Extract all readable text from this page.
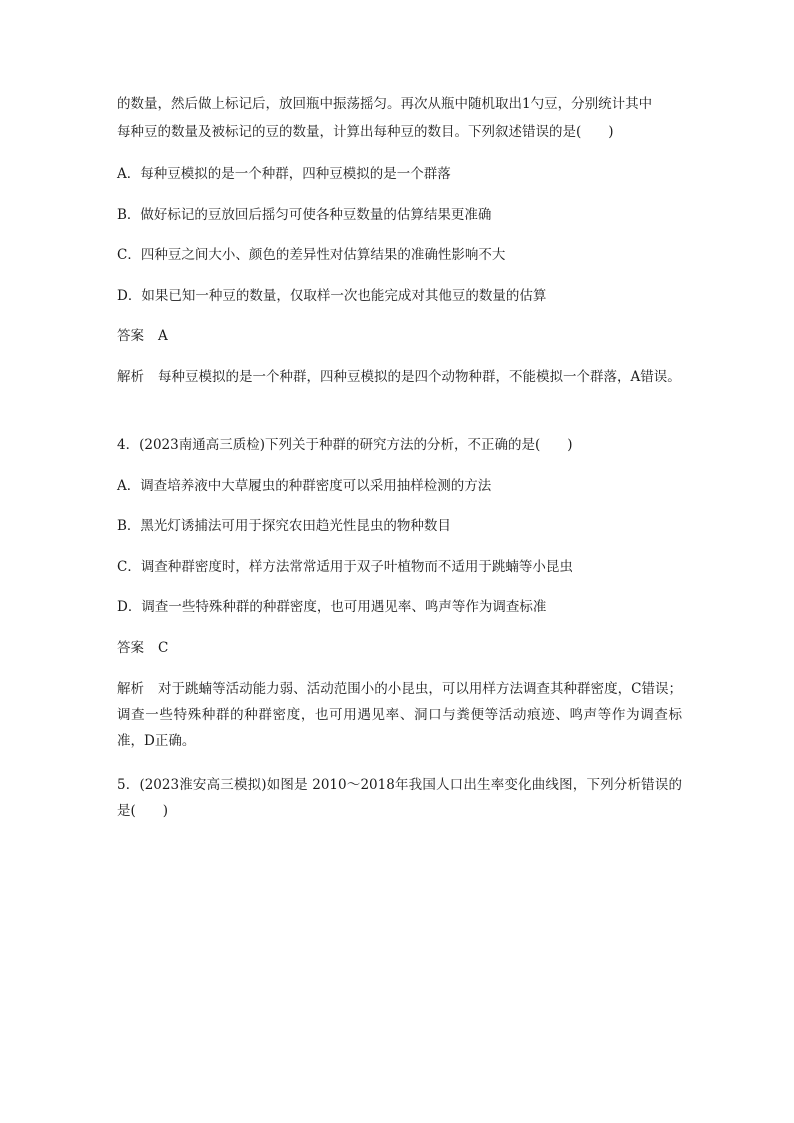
的数量，然后做上标记后，放回瓶中振荡摇匀。再次从瓶中随机取出1勺豆，分别统计其中
每种豆的数量及被标记的豆的数量，计算出每种豆的数目。下列叙述错误的是(　　)
A．每种豆模拟的是一个种群，四种豆模拟的是一个群落
B．做好标记的豆放回后摇匀可使各种豆数量的估算结果更准确
C．四种豆之间大小、颜色的差异性对估算结果的准确性影响不大
D．如果已知一种豆的数量，仅取样一次也能完成对其他豆的数量的估算
答案 A
解析 每种豆模拟的是一个种群，四种豆模拟的是四个动物种群，不能模拟一个群落，A错误。
4．(2023南通高三质检)下列关于种群的研究方法的分析，不正确的是(　　)
A．调查培养液中大草履虫的种群密度可以采用抽样检测的方法
B．黑光灯诱捕法可用于探究农田趋光性昆虫的物种数目
C．调查种群密度时，样方法常常适用于双子叶植物而不适用于跳蝻等小昆虫
D．调查一些特殊种群的种群密度，也可用遇见率、鸣声等作为调查标准
答案 C
解析 对于跳蝻等活动能力弱、活动范围小的小昆虫，可以用样方法调查其种群密度，C错误；调查一些特殊种群的种群密度，也可用遇见率、洞口与粪便等活动痕迹、鸣声等作为调查标准，D正确。
5．(2023淮安高三模拟)如图是 2010～2018年我国人口出生率变化曲线图，下列分析错误的是(　　)
